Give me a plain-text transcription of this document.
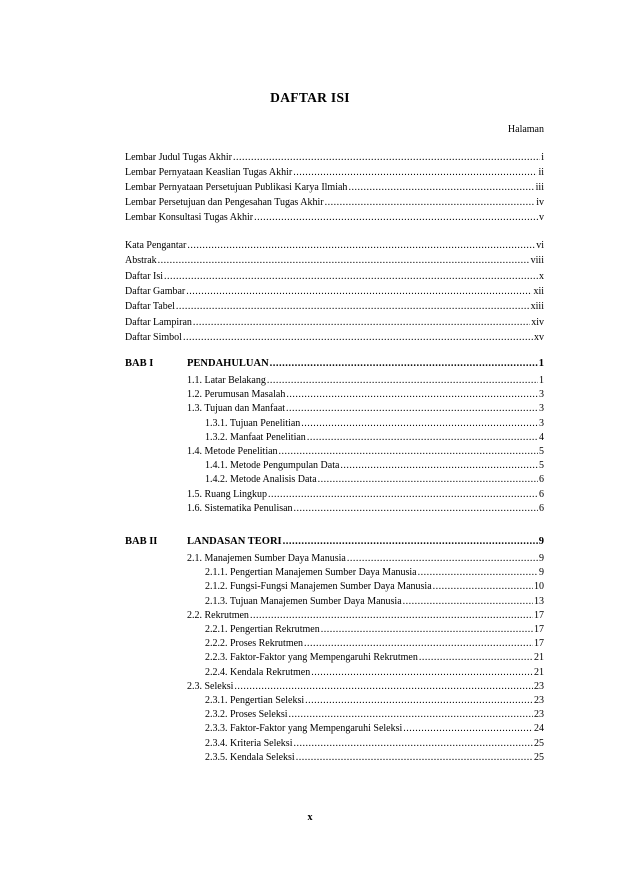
DAFTAR ISI
Halaman
Lembar Judul Tugas Akhir .....	i
Lembar Pernyataan Keaslian Tugas Akhir .....	ii
Lembar Pernyataan Persetujuan Publikasi Karya Ilmiah .....	iii
Lembar Persetujuan dan Pengesahan Tugas Akhir .....	iv
Lembar Konsultasi Tugas Akhir .....	v
Kata Pengantar .....	vi
Abstrak .....	viii
Daftar Isi .....	x
Daftar Gambar .....	xii
Daftar Tabel .....	xiii
Daftar Lampiran .....	xiv
Daftar Simbol .....	xv
BAB I	PENDAHULUAN .....	1
1.1. Latar Belakang .....	1
1.2. Perumusan Masalah .....	3
1.3. Tujuan dan Manfaat .....	3
1.3.1. Tujuan Penelitian .....	3
1.3.2. Manfaat Penelitian .....	4
1.4. Metode Penelitian .....	5
1.4.1. Metode Pengumpulan Data .....	5
1.4.2. Metode Analisis Data .....	6
1.5. Ruang Lingkup .....	6
1.6. Sistematika Penulisan .....	6
BAB II	LANDASAN TEORI .....	9
2.1. Manajemen Sumber Daya Manusia .....	9
2.1.1. Pengertian Manajemen Sumber Daya Manusia .....	9
2.1.2. Fungsi-Fungsi Manajemen Sumber Daya Manusia .....	10
2.1.3. Tujuan Manajemen Sumber Daya Manusia .....	13
2.2. Rekrutmen .....	17
2.2.1. Pengertian Rekrutmen .....	17
2.2.2. Proses Rekrutmen .....	17
2.2.3. Faktor-Faktor yang Mempengaruhi Rekrutmen .....	21
2.2.4. Kendala Rekrutmen .....	21
2.3. Seleksi .....	23
2.3.1. Pengertian Seleksi .....	23
2.3.2. Proses Seleksi .....	23
2.3.3. Faktor-Faktor yang Mempengaruhi Seleksi .....	24
2.3.4. Kriteria Seleksi .....	25
2.3.5. Kendala Seleksi .....	25
x
